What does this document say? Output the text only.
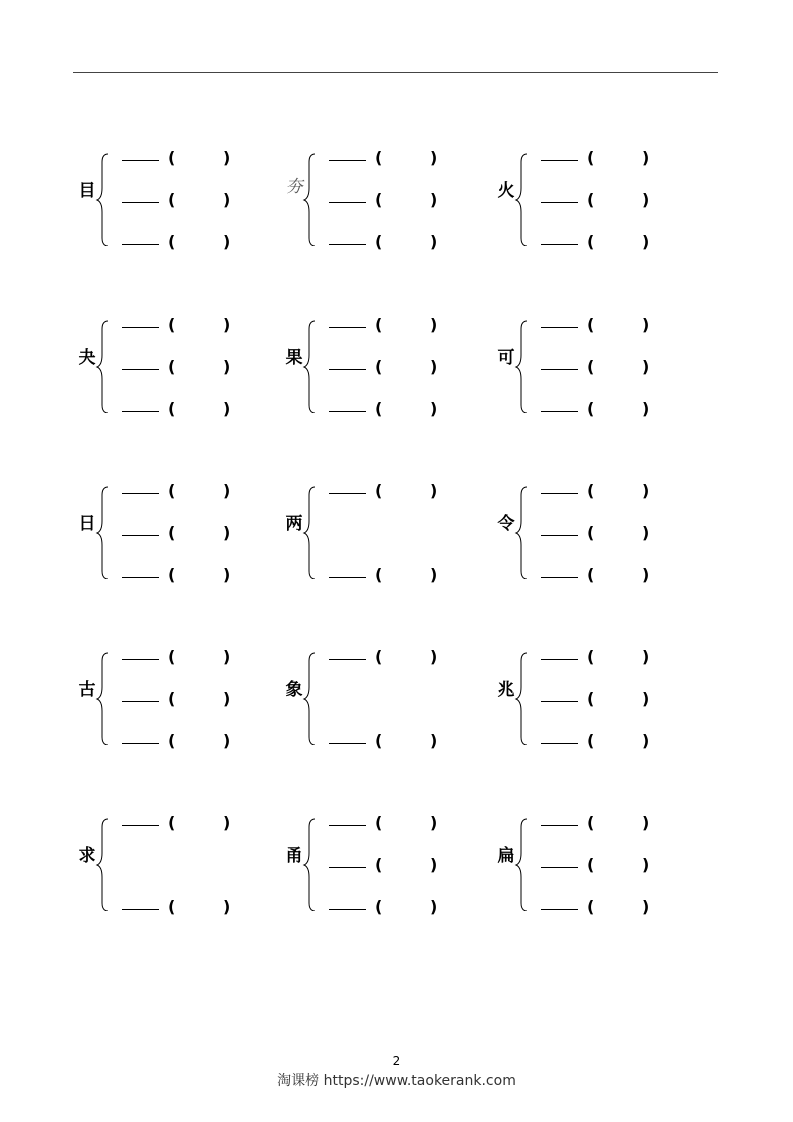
目
(	)
(	)
(	)
夯
(	)
(	)
(	)
火
(	)
(	)
(	)
夬
(	)
(	)
(	)
果
(	)
(	)
(	)
可
(	)
(	)
(	)
日
(	)
(	)
(	)
两
(	)
(	)
令
(	)
(	)
(	)
古
(	)
(	)
(	)
象
(	)
(	)
兆
(	)
(	)
(	)
求
(	)
(	)
甬
(	)
(	)
(	)
扁
(	)
(	)
(	)
2
淘课榜 https://www.taokerank.com
